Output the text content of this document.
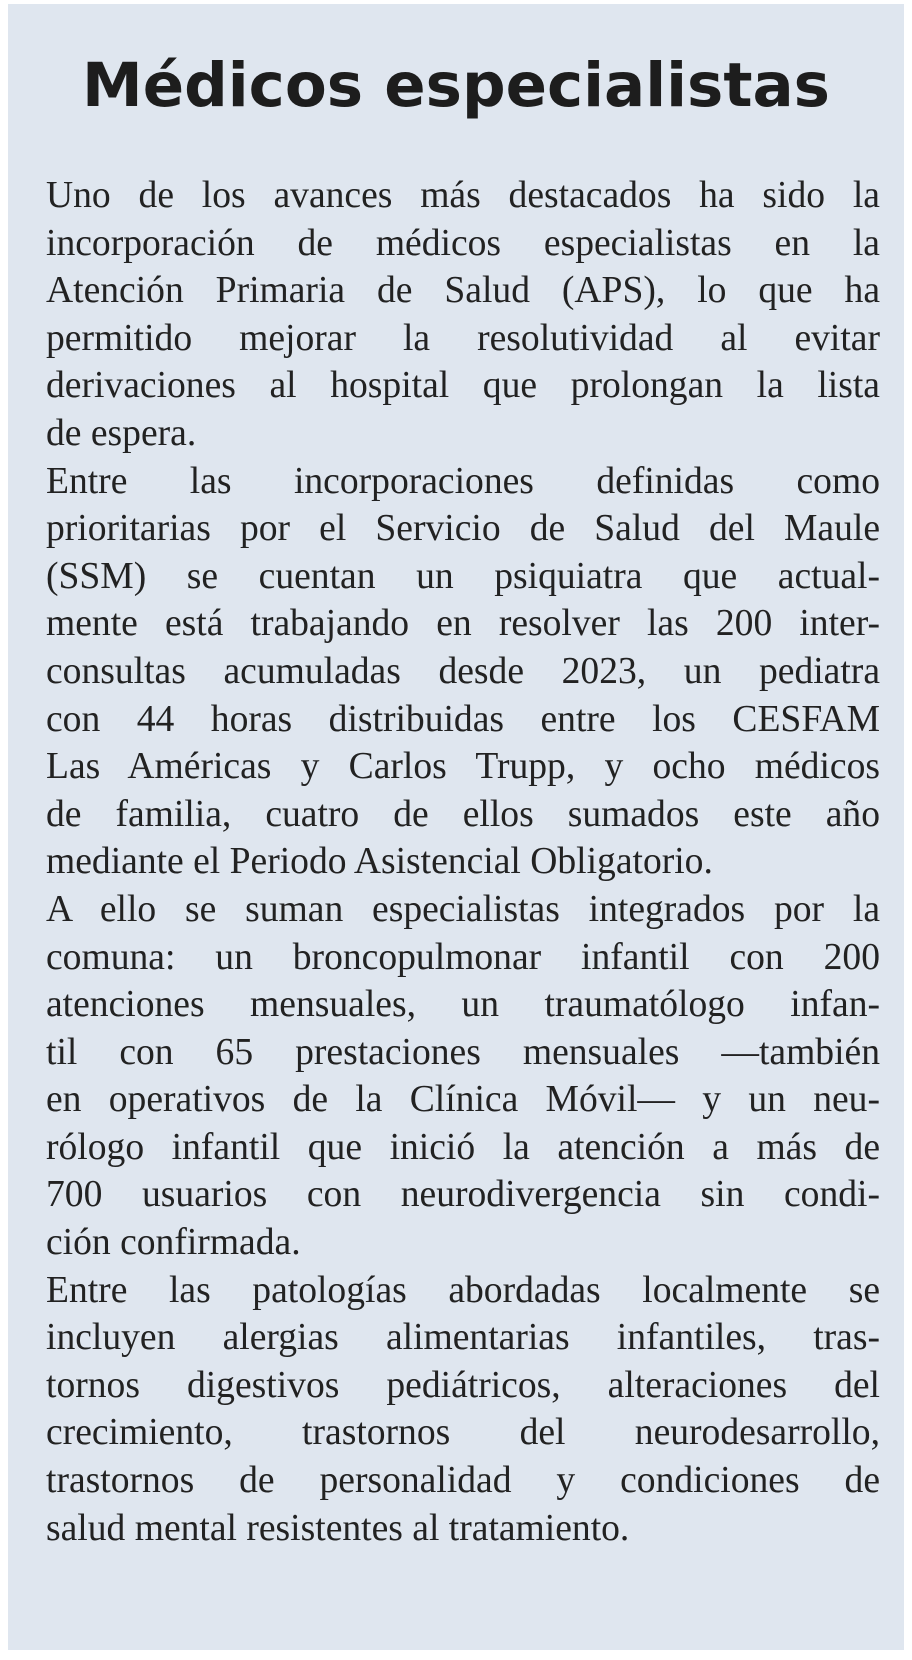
Médicos especialistas
Uno de los avances más destacados ha sido la
incorporación de médicos especialistas en la
Atención Primaria de Salud (APS), lo que ha
permitido mejorar la resolutividad al evitar
derivaciones al hospital que prolongan la lista
de espera.
Entre las incorporaciones definidas como
prioritarias por el Servicio de Salud del Maule
(SSM) se cuentan un psiquiatra que actual-
mente está trabajando en resolver las 200 inter-
consultas acumuladas desde 2023, un pediatra
con 44 horas distribuidas entre los CESFAM
Las Américas y Carlos Trupp, y ocho médicos
de familia, cuatro de ellos sumados este año
mediante el Periodo Asistencial Obligatorio.
A ello se suman especialistas integrados por la
comuna: un broncopulmonar infantil con 200
atenciones mensuales, un traumatólogo infan-
til con 65 prestaciones mensuales —también
en operativos de la Clínica Móvil— y un neu-
rólogo infantil que inició la atención a más de
700 usuarios con neurodivergencia sin condi-
ción confirmada.
Entre las patologías abordadas localmente se
incluyen alergias alimentarias infantiles, tras-
tornos digestivos pediátricos, alteraciones del
crecimiento, trastornos del neurodesarrollo,
trastornos de personalidad y condiciones de
salud mental resistentes al tratamiento.
